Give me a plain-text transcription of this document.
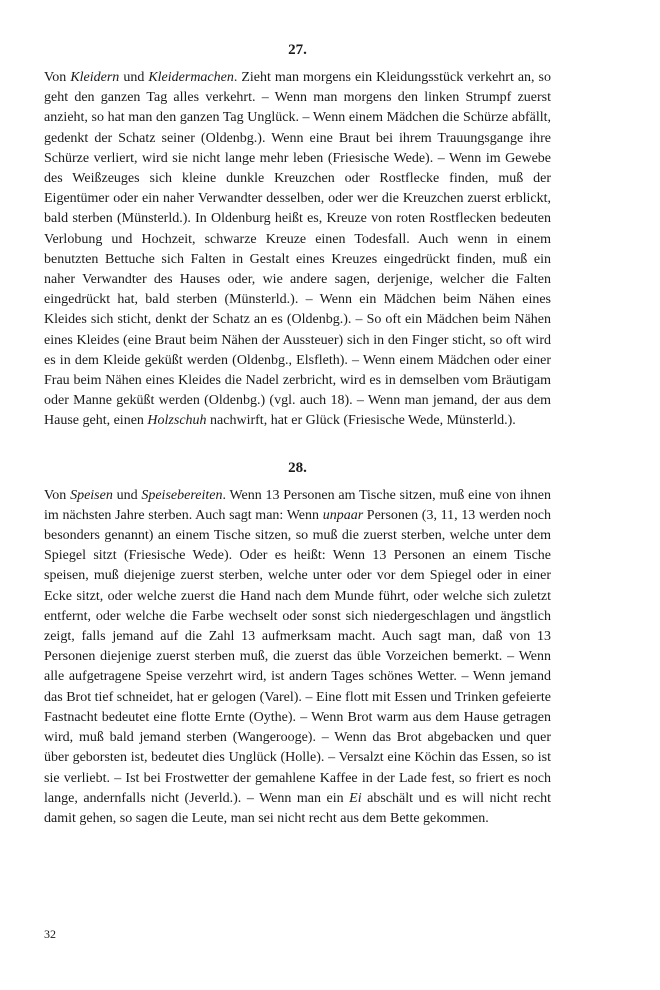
27.

Von Kleidern und Kleidermachen. Zieht man morgens ein Kleidungsstück verkehrt an, so geht den ganzen Tag alles verkehrt. – Wenn man morgens den linken Strumpf zuerst anzieht, so hat man den ganzen Tag Unglück. – Wenn einem Mädchen die Schürze abfällt, gedenkt der Schatz seiner (Oldenbg.). Wenn eine Braut bei ihrem Trauungsgange ihre Schürze verliert, wird sie nicht lange mehr leben (Friesische Wede). – Wenn im Gewebe des Weißzeuges sich kleine dunkle Kreuzchen oder Rostflecke finden, muß der Eigentümer oder ein naher Verwandter desselben, oder wer die Kreuzchen zuerst erblickt, bald sterben (Münsterld.). In Oldenburg heißt es, Kreuze von roten Rostflecken bedeuten Verlobung und Hochzeit, schwarze Kreuze einen Todesfall. Auch wenn in einem benutzten Bettuche sich Falten in Gestalt eines Kreuzes eingedrückt finden, muß ein naher Verwandter des Hauses oder, wie andere sagen, derjenige, welcher die Falten eingedrückt hat, bald sterben (Münsterld.). – Wenn ein Mädchen beim Nähen eines Kleides sich sticht, denkt der Schatz an es (Oldenbg.). – So oft ein Mädchen beim Nähen eines Kleides (eine Braut beim Nähen der Aussteuer) sich in den Finger sticht, so oft wird es in dem Kleide geküßt werden (Oldenbg., Elsfleth). – Wenn einem Mädchen oder einer Frau beim Nähen eines Kleides die Nadel zerbricht, wird es in demselben vom Bräutigam oder Manne geküßt werden (Oldenbg.) (vgl. auch 18). – Wenn man jemand, der aus dem Hause geht, einen Holzschuh nachwirft, hat er Glück (Friesische Wede, Münsterld.).

28.

Von Speisen und Speisebereiten. Wenn 13 Personen am Tische sitzen, muß eine von ihnen im nächsten Jahre sterben. Auch sagt man: Wenn unpaar Personen (3, 11, 13 werden noch besonders genannt) an einem Tische sitzen, so muß die zuerst sterben, welche unter dem Spiegel sitzt (Friesische Wede). Oder es heißt: Wenn 13 Personen an einem Tische speisen, muß diejenige zuerst sterben, welche unter oder vor dem Spiegel oder in einer Ecke sitzt, oder welche zuerst die Hand nach dem Munde führt, oder welche sich zuletzt entfernt, oder welche die Farbe wechselt oder sonst sich niedergeschlagen und ängstlich zeigt, falls jemand auf die Zahl 13 aufmerksam macht. Auch sagt man, daß von 13 Personen diejenige zuerst sterben muß, die zuerst das üble Vorzeichen bemerkt. – Wenn alle aufgetragene Speise verzehrt wird, ist andern Tages schönes Wetter. – Wenn jemand das Brot tief schneidet, hat er gelogen (Varel). – Eine flott mit Essen und Trinken gefeierte Fastnacht bedeutet eine flotte Ernte (Oythe). – Wenn Brot warm aus dem Hause getragen wird, muß bald jemand sterben (Wangerooge). – Wenn das Brot abgebacken und quer über geborsten ist, bedeutet dies Unglück (Holle). – Versalzt eine Köchin das Essen, so ist sie verliebt. – Ist bei Frostwetter der gemahlene Kaffee in der Lade fest, so friert es noch lange, andernfalls nicht (Jeverld.). – Wenn man ein Ei abschält und es will nicht recht damit gehen, so sagen die Leute, man sei nicht recht aus dem Bette gekommen.

32
